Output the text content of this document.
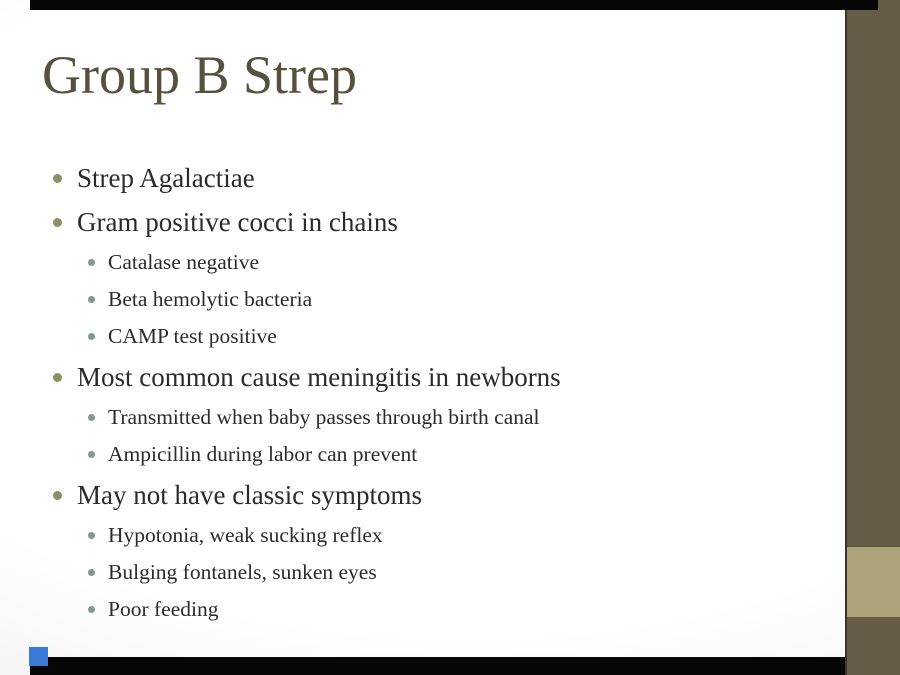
Group B Strep
Strep Agalactiae
Gram positive cocci in chains
Catalase negative
Beta hemolytic bacteria
CAMP test positive
Most common cause meningitis in newborns
Transmitted when baby passes through birth canal
Ampicillin during labor can prevent
May not have classic symptoms
Hypotonia, weak sucking reflex
Bulging fontanels, sunken eyes
Poor feeding
